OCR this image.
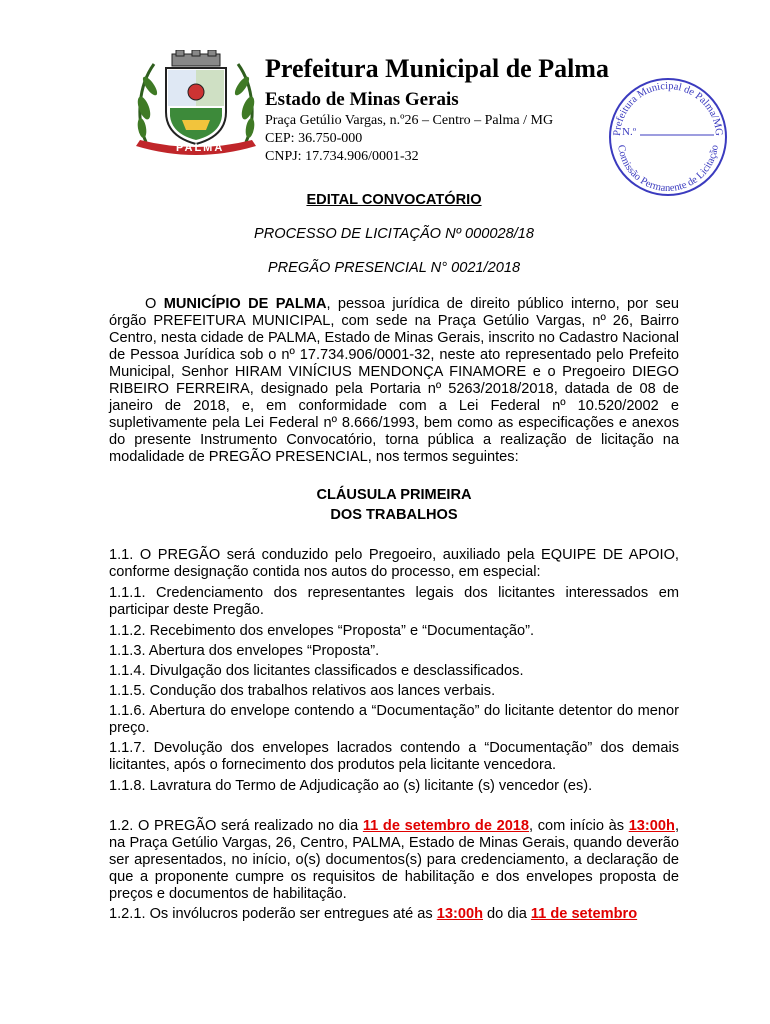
PALMA
Prefeitura Municipal de Palma
Estado de Minas Gerais
Praça Getúlio Vargas, n.º26 – Centro – Palma / MG
CEP: 36.750-000
CNPJ: 17.734.906/0001-32
Prefeitura Municipal de Palma/MG
Comissão Permanente de Licitação
N.º
EDITAL CONVOCATÓRIO
PROCESSO DE LICITAÇÃO Nº 000028/18
PREGÃO PRESENCIAL N° 0021/2018

O MUNICÍPIO DE PALMA, pessoa jurídica de direito público interno, por seu órgão PREFEITURA MUNICIPAL, com sede na Praça Getúlio Vargas, nº 26, Bairro Centro, nesta cidade de PALMA, Estado de Minas Gerais, inscrito no Cadastro Nacional de Pessoa Jurídica sob o nº 17.734.906/0001-32, neste ato representado pelo Prefeito Municipal, Senhor HIRAM VINÍCIUS MENDONÇA FINAMORE e o Pregoeiro DIEGO RIBEIRO FERREIRA, designado pela Portaria nº 5263/2018/2018, datada de 08 de janeiro de 2018, e, em conformidade com a Lei Federal nº 10.520/2002 e supletivamente pela Lei Federal nº 8.666/1993, bem como as especificações e anexos do presente Instrumento Convocatório, torna pública a realização de licitação na modalidade de PREGÃO PRESENCIAL, nos termos seguintes:

CLÁUSULA PRIMEIRA
DOS TRABALHOS

1.1. O PREGÃO será conduzido pelo Pregoeiro, auxiliado pela EQUIPE DE APOIO, conforme designação contida nos autos do processo, em especial:

1.1.1. Credenciamento dos representantes legais dos licitantes interessados em participar deste Pregão.

1.1.2. Recebimento dos envelopes “Proposta” e “Documentação”.

1.1.3. Abertura dos envelopes “Proposta”.

1.1.4. Divulgação dos licitantes classificados e desclassificados.

1.1.5. Condução dos trabalhos relativos aos lances verbais.

1.1.6. Abertura do envelope contendo a “Documentação” do licitante detentor do menor preço.

1.1.7. Devolução dos envelopes lacrados contendo a “Documentação” dos demais licitantes, após o fornecimento dos produtos pela licitante vencedora.

1.1.8. Lavratura do Termo de Adjudicação ao (s) licitante (s) vencedor (es).

1.2. O PREGÃO será realizado no dia 11 de setembro de 2018, com início às 13:00h, na Praça Getúlio Vargas, 26, Centro, PALMA, Estado de Minas Gerais, quando deverão ser apresentados, no início, o(s) documentos(s) para credenciamento, a declaração de que a proponente cumpre os requisitos de habilitação e dos envelopes proposta de preços e documentos de habilitação.

1.2.1. Os invólucros poderão ser entregues até as 13:00h do dia 11 de setembro
